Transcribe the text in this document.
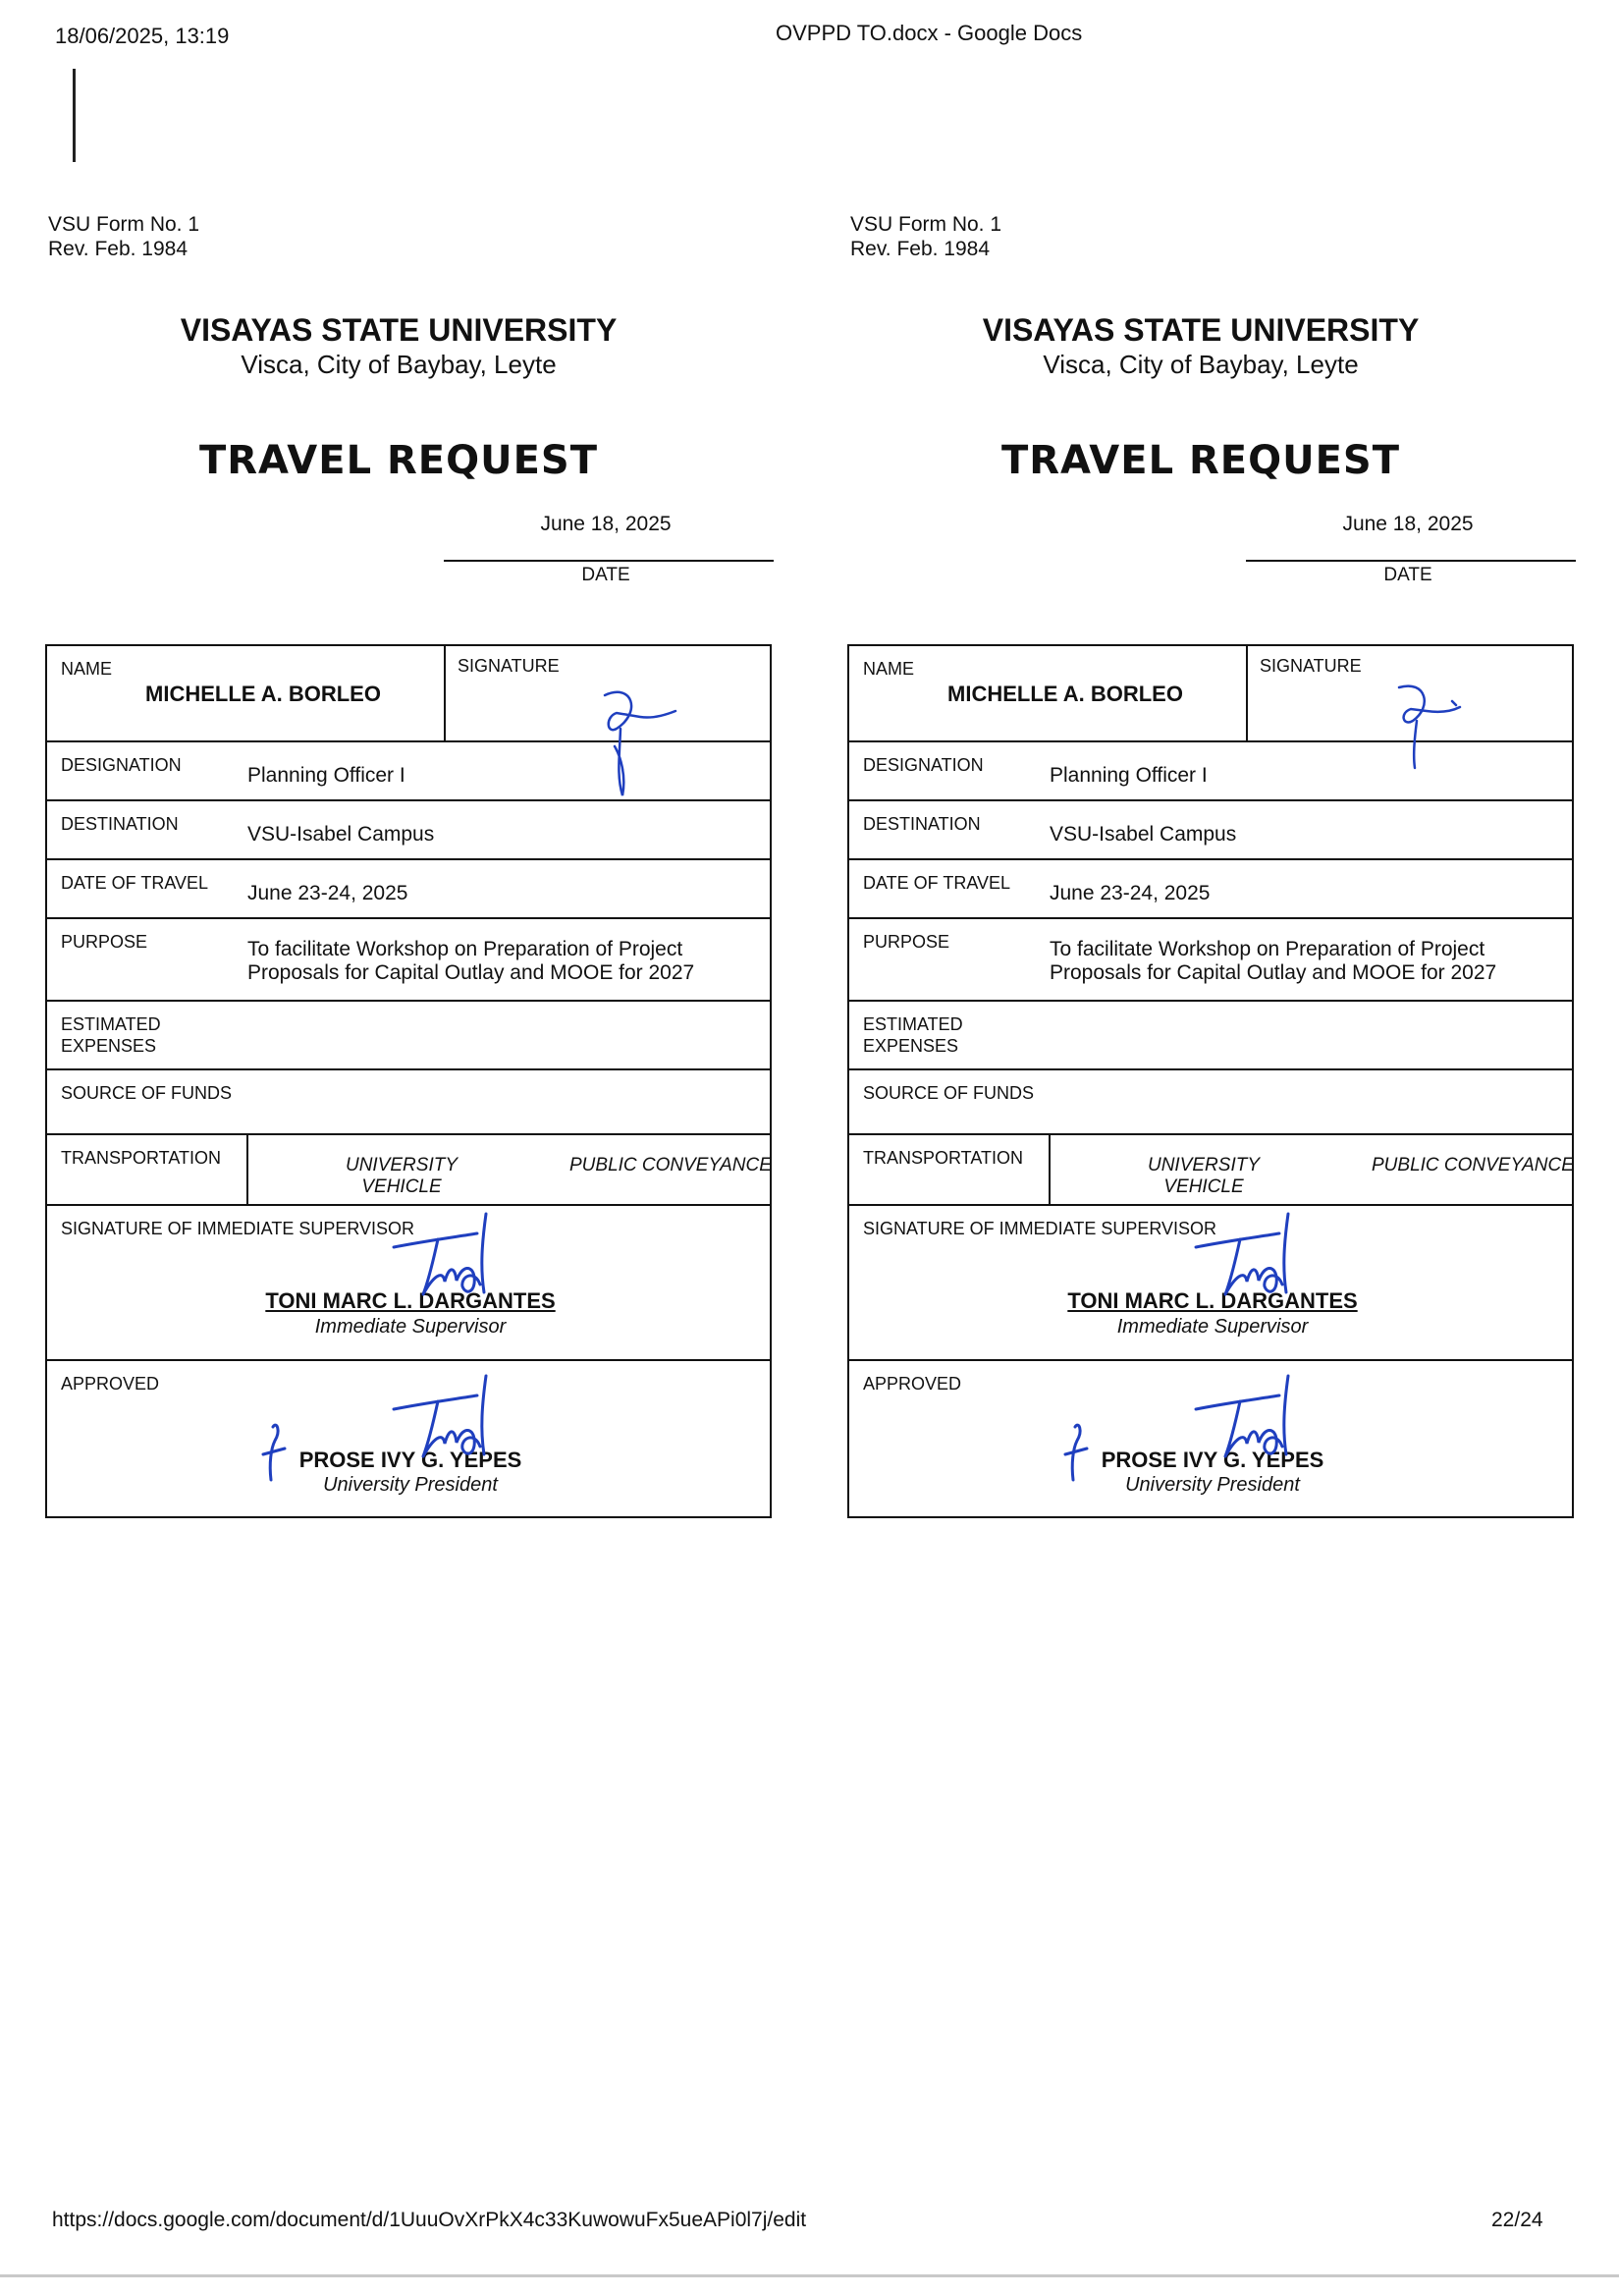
18/06/2025, 13:19	OVPPD TO.docx - Google Docs
VSU Form No. 1
Rev. Feb. 1984
VISAYAS STATE UNIVERSITY
Visca, City of Baybay, Leyte
TRAVEL REQUEST
June 18, 2025
DATE
NAME
MICHELLE A. BORLEO
SIGNATURE
DESIGNATION	Planning Officer I
DESTINATION	VSU-Isabel Campus
DATE OF TRAVEL June 23-24, 2025
PURPOSE	To facilitate Workshop on Preparation of Project
Proposals for Capital Outlay and MOOE for 2027
ESTIMATED
EXPENSES
SOURCE OF FUNDS
TRANSPORTATION	UNIVERSITY
VEHICLE
PUBLIC CONVEYANCE
SIGNATURE OF IMMEDIATE SUPERVISOR
TONI MARC L. DARGANTES
Immediate Supervisor
APPROVED
PROSE IVY G. YEPES
University President
VSU Form No. 1
Rev. Feb. 1984
VISAYAS STATE UNIVERSITY
Visca, City of Baybay, Leyte
TRAVEL REQUEST
June 18, 2025
DATE
NAME
MICHELLE A. BORLEO
SIGNATURE
DESIGNATION	Planning Officer I
DESTINATION	VSU-Isabel Campus
DATE OF TRAVEL June 23-24, 2025
PURPOSE	To facilitate Workshop on Preparation of Project
Proposals for Capital Outlay and MOOE for 2027
ESTIMATED
EXPENSES
SOURCE OF FUNDS
TRANSPORTATION	UNIVERSITY
VEHICLE
PUBLIC CONVEYANCE
SIGNATURE OF IMMEDIATE SUPERVISOR
TONI MARC L. DARGANTES
Immediate Supervisor
APPROVED
PROSE IVY G. YEPES
University President
https://docs.google.com/document/d/1UuuOvXrPkX4c33KuwowuFx5ueAPi0l7j/edit	22/24
